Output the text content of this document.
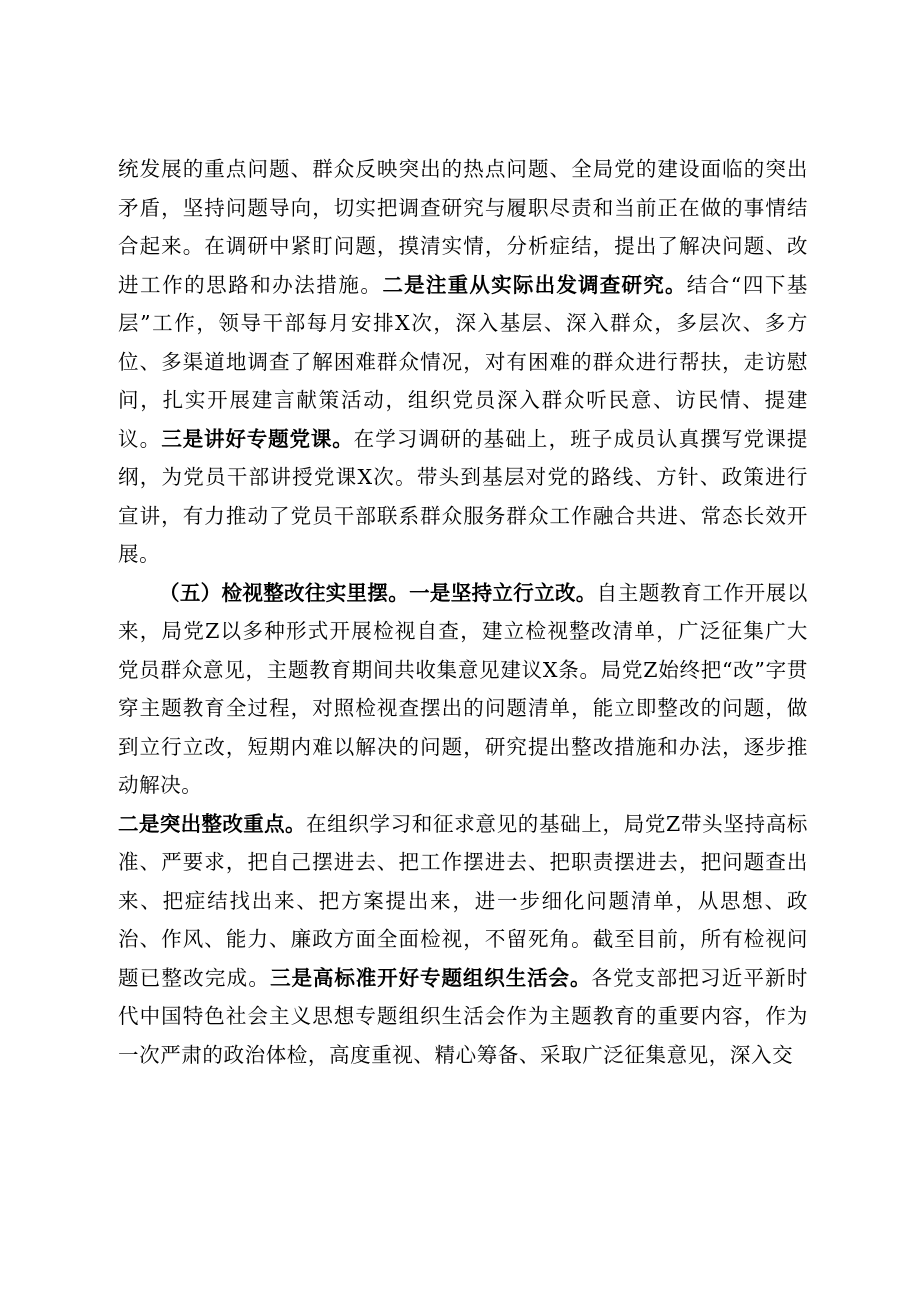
统发展的重点问题、群众反映突出的热点问题、全局党的建设面临的突出矛盾，坚持问题导向，切实把调查研究与履职尽责和当前正在做的事情结合起来。在调研中紧盯问题，摸清实情，分析症结，提出了解决问题、改进工作的思路和办法措施。二是注重从实际出发调查研究。结合“四下基层”工作，领导干部每月安排X次，深入基层、深入群众，多层次、多方位、多渠道地调查了解困难群众情况，对有困难的群众进行帮扶，走访慰问，扎实开展建言献策活动，组织党员深入群众听民意、访民情、提建议。三是讲好专题党课。在学习调研的基础上，班子成员认真撰写党课提纲，为党员干部讲授党课X次。带头到基层对党的路线、方针、政策进行宣讲，有力推动了党员干部联系群众服务群众工作融合共进、常态长效开展。

（五）检视整改往实里摆。一是坚持立行立改。自主题教育工作开展以来，局党Z以多种形式开展检视自查，建立检视整改清单，广泛征集广大党员群众意见，主题教育期间共收集意见建议X条。局党Z始终把“改”字贯穿主题教育全过程，对照检视查摆出的问题清单，能立即整改的问题，做到立行立改，短期内难以解决的问题，研究提出整改措施和办法，逐步推动解决。

二是突出整改重点。在组织学习和征求意见的基础上，局党Z带头坚持高标准、严要求，把自己摆进去、把工作摆进去、把职责摆进去，把问题查出来、把症结找出来、把方案提出来，进一步细化问题清单，从思想、政治、作风、能力、廉政方面全面检视，不留死角。截至目前，所有检视问题已整改完成。三是高标准开好专题组织生活会。各党支部把习近平新时代中国特色社会主义思想专题组织生活会作为主题教育的重要内容，作为一次严肃的政治体检，高度重视、精心筹备、采取广泛征集意见，深入交
